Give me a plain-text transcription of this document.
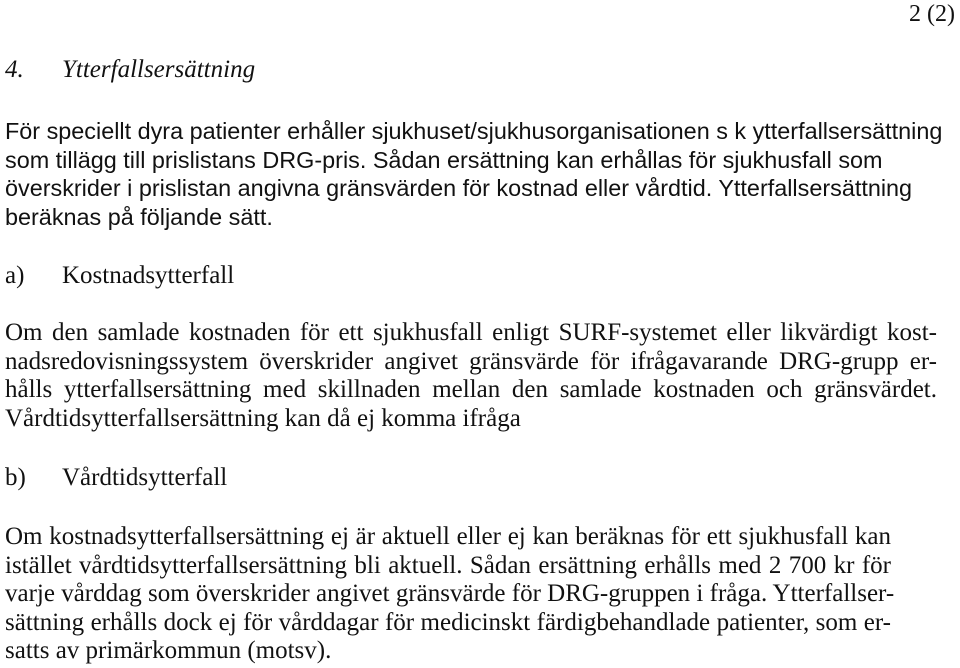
2 (2)
4.	Ytterfallsersättning
För speciellt dyra patienter erhåller sjukhuset/sjukhusorganisationen s k ytterfallsersättning
som tillägg till prislistans DRG-pris. Sådan ersättning kan erhållas för sjukhusfall som
överskrider i prislistan angivna gränsvärden för kostnad eller vårdtid. Ytterfallsersättning
beräknas på följande sätt.
a)	Kostnadsytterfall
Om den samlade kostnaden för ett sjukhusfall enligt SURF-systemet eller likvärdigt kost-
nadsredovisningssystem överskrider angivet gränsvärde för ifrågavarande DRG-grupp er-
hålls ytterfallsersättning med skillnaden mellan den samlade kostnaden och gränsvärdet.
Vårdtidsytterfallsersättning kan då ej komma ifråga
b)	Vårdtidsytterfall
Om kostnadsytterfallsersättning ej är aktuell eller ej kan beräknas för ett sjukhusfall kan
istället vårdtidsytterfallsersättning bli aktuell. Sådan ersättning erhålls med 2 700 kr för
varje vårddag som överskrider angivet gränsvärde för DRG-gruppen i fråga. Ytterfallser-
sättning erhålls dock ej för vårddagar för medicinskt färdigbehandlade patienter, som er-
satts av primärkommun (motsv).
